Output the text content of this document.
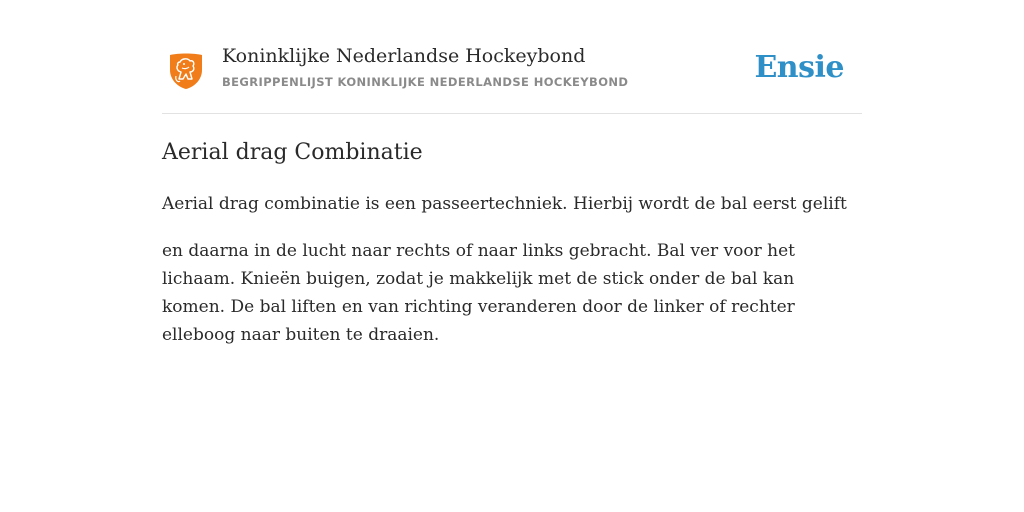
Koninklijke Nederlandse Hockeybond
BEGRIPPENLIJST KONINKLIJKE NEDERLANDSE HOCKEYBOND	Ensie
Aerial drag Combinatie

Aerial drag combinatie is een passeertechniek. Hierbij wordt de bal eerst gelift

en daarna in de lucht naar rechts of naar links gebracht. Bal ver voor het lichaam. Knieën buigen, zodat je makkelijk met de stick onder de bal kan komen. De bal liften en van richting veranderen door de linker of rechter elleboog naar buiten te draaien.
